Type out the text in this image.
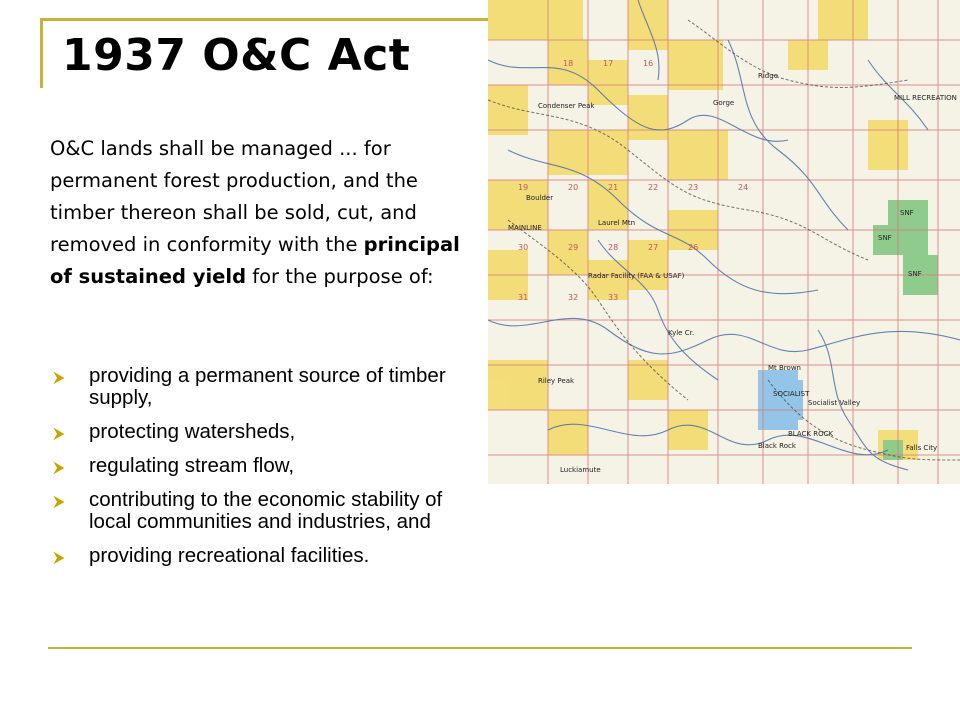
1937 O&C Act
O&C lands shall be managed ... for permanent forest production, and the timber thereon shall be sold, cut, and removed in conformity with the principal of sustained yield for the purpose of:
⮞ providing a permanent source of timber supply,
⮞ protecting watersheds,
⮞ regulating stream flow,
⮞ contributing to the economic stability of local communities and industries, and
⮞ providing recreational facilities.
Condenser Peak
Ridge
Gorge
MILL RECREATION
Laurel Mtn
Radar Facility (FAA & USAF)
Riley Peak
Kyle Cr.
Mt Brown
SOCIALIST
Socialist Valley
Black Rock
BLACK ROCK
SNF
SNF
SNF
Falls City
Boulder
MAINLINE
Luckiamute
18	17	16
19	20	21	22	23	24
30	29	28	27	26
31	32	33
